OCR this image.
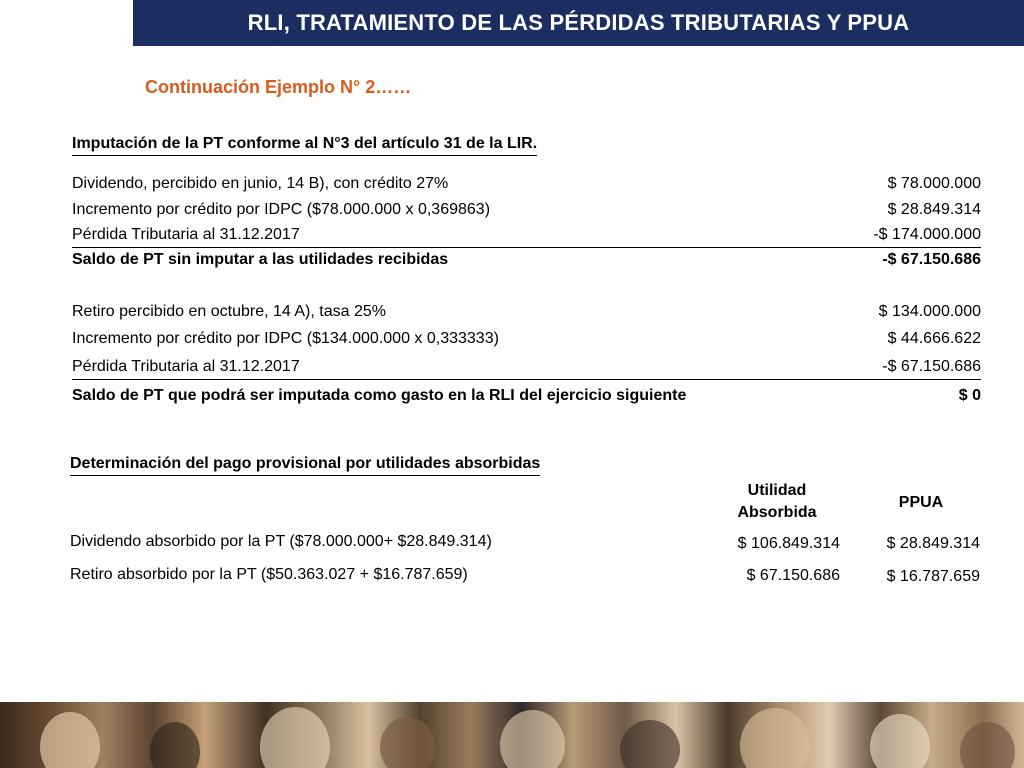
RLI, TRATAMIENTO DE LAS PÉRDIDAS TRIBUTARIAS Y PPUA
Continuación Ejemplo N° 2……
Imputación de la PT conforme al N°3 del artículo 31 de la LIR.
Dividendo, percibido en junio, 14 B), con crédito 27%	$ 78.000.000
Incremento por crédito por IDPC ($78.000.000 x 0,369863)	$ 28.849.314
Pérdida Tributaria al 31.12.2017	-$ 174.000.000
Saldo de PT sin imputar a las utilidades recibidas	-$ 67.150.686
Retiro percibido en octubre, 14 A), tasa 25%	$ 134.000.000
Incremento por crédito por IDPC ($134.000.000 x 0,333333)	$ 44.666.622
Pérdida Tributaria al 31.12.2017	-$ 67.150.686
Saldo de PT que podrá ser imputada como gasto en la RLI del ejercicio siguiente	$ 0
Determinación del pago provisional por utilidades absorbidas
Utilidad
Absorbida
PPUA
Dividendo absorbido por la PT ($78.000.000+ $28.849.314)	$ 106.849.314	$ 28.849.314
Retiro absorbido por la PT ($50.363.027 + $16.787.659)	$ 67.150.686	$ 16.787.659
